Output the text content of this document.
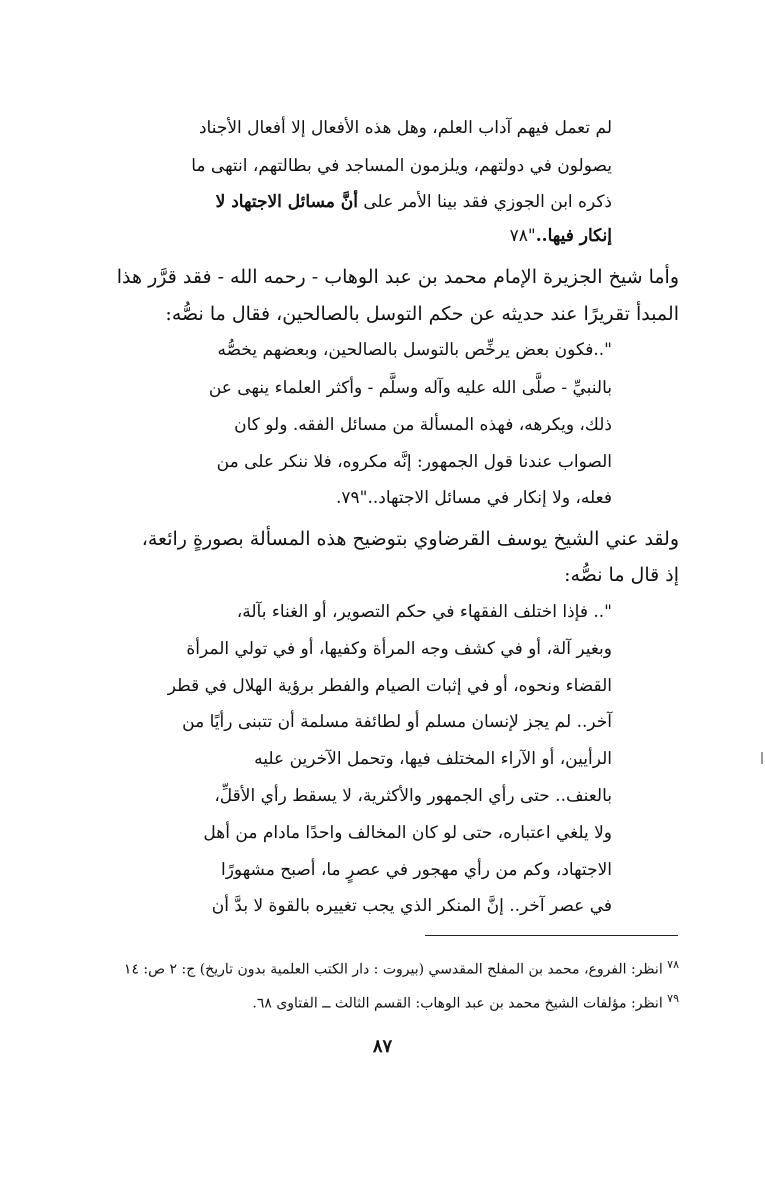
لم تعمل فيهم آداب العلم، وهل هذه الأفعال إلا أفعال الأجناد
يصولون في دولتهم، ويلزمون المساجد في بطالتهم، انتهى ما
ذكره ابن الجوزي فقد بينا الأمر على أنَّ مسائل الاجتهاد لا
إنكار فيها.."٧٨
وأما شيخ الجزيرة الإمام محمد بن عبد الوهاب - رحمه الله - فقد قرَّر هذا
المبدأ تقريرًا عند حديثه عن حكم التوسل بالصالحين، فقال ما نصُّه:
"..فكون بعض يرخِّص بالتوسل بالصالحين، وبعضهم يخصُّه
بالنبيِّ - صلَّى الله عليه وآله وسلَّم - وأكثر العلماء ينهى عن
ذلك، ويكرهه، فهذه المسألة من مسائل الفقه. ولو كان
الصواب عندنا قول الجمهور: إنَّه مكروه، فلا ننكر على من
فعله، ولا إنكار في مسائل الاجتهاد.."٧٩.
ولقد عني الشيخ يوسف القرضاوي بتوضيح هذه المسألة بصورةٍ رائعة،
إذ قال ما نصُّه:
".. فإذا اختلف الفقهاء في حكم التصوير، أو الغناء بآلة،
وبغير آلة، أو في كشف وجه المرأة وكفيها، أو في تولي المرأة
القضاء ونحوه، أو في إثبات الصيام والفطر برؤية الهلال في قطر
آخر.. لم يجز لإنسان مسلم أو لطائفة مسلمة أن تتبنى رأيًا من
الرأيين، أو الآراء المختلف فيها، وتحمل الآخرين عليه
بالعنف.. حتى رأي الجمهور والأكثرية، لا يسقط رأي الأقلِّ،
ولا يلغي اعتباره، حتى لو كان المخالف واحدًا مادام من أهل
الاجتهاد، وكم من رأي مهجور في عصرٍ ما، أصبح مشهورًا
في عصر آخر.. إنَّ المنكر الذي يجب تغييره بالقوة لا بدَّ أن
$^{٧٨}$ انظر: الفروع، محمد بن المفلح المقدسي (بيروت : دار الكتب العلمية بدون تاريخ) ج: ٢ ص: ١٤
$^{٧٩}$ انظر: مؤلفات الشيخ محمد بن عبد الوهاب: القسم الثالث ــ الفتاوى ٦٨.
٨٧
